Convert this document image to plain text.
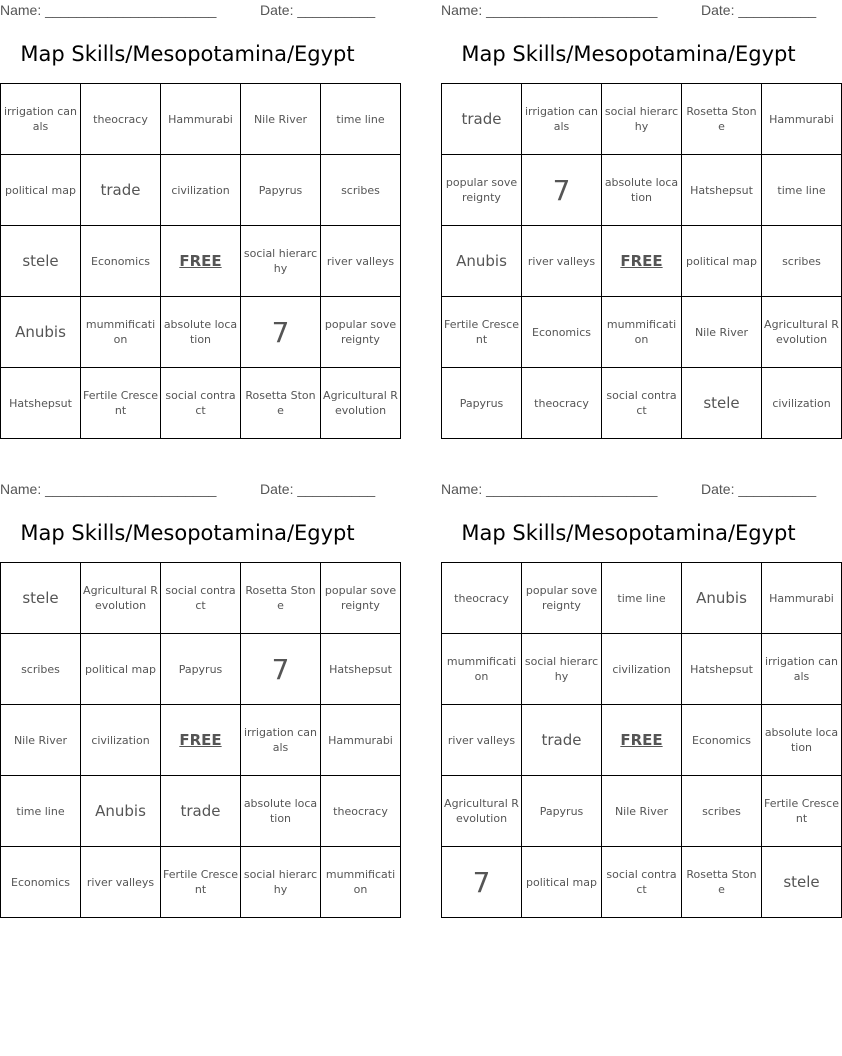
Name: ______________________	Date: __________
Map Skills/Mesopotamina/Egypt
irrigation canals	theocracy	Hammurabi	Nile River	time line
political map	trade	civilization	Papyrus	scribes
stele	Economics	FREE	social hierarchy	river valleys
Anubis	mummification	absolute location	7	popular sovereignty
Hatshepsut	Fertile Crescent	social contract	Rosetta Stone	Agricultural Revolution
Name: ______________________	Date: __________
Map Skills/Mesopotamina/Egypt
trade	irrigation canals	social hierarchy	Rosetta Stone	Hammurabi
popular sovereignty	7	absolute location	Hatshepsut	time line
Anubis	river valleys	FREE	political map	scribes
Fertile Crescent	Economics	mummification	Nile River	Agricultural Revolution
Papyrus	theocracy	social contract	stele	civilization
Name: ______________________	Date: __________
Map Skills/Mesopotamina/Egypt
stele	Agricultural Revolution	social contract	Rosetta Stone	popular sovereignty
scribes	political map	Papyrus	7	Hatshepsut
Nile River	civilization	FREE	irrigation canals	Hammurabi
time line	Anubis	trade	absolute location	theocracy
Economics	river valleys	Fertile Crescent	social hierarchy	mummification
Name: ______________________	Date: __________
Map Skills/Mesopotamina/Egypt
theocracy	popular sovereignty	time line	Anubis	Hammurabi
mummification	social hierarchy	civilization	Hatshepsut	irrigation canals
river valleys	trade	FREE	Economics	absolute location
Agricultural Revolution	Papyrus	Nile River	scribes	Fertile Crescent
7	political map	social contract	Rosetta Stone	stele
